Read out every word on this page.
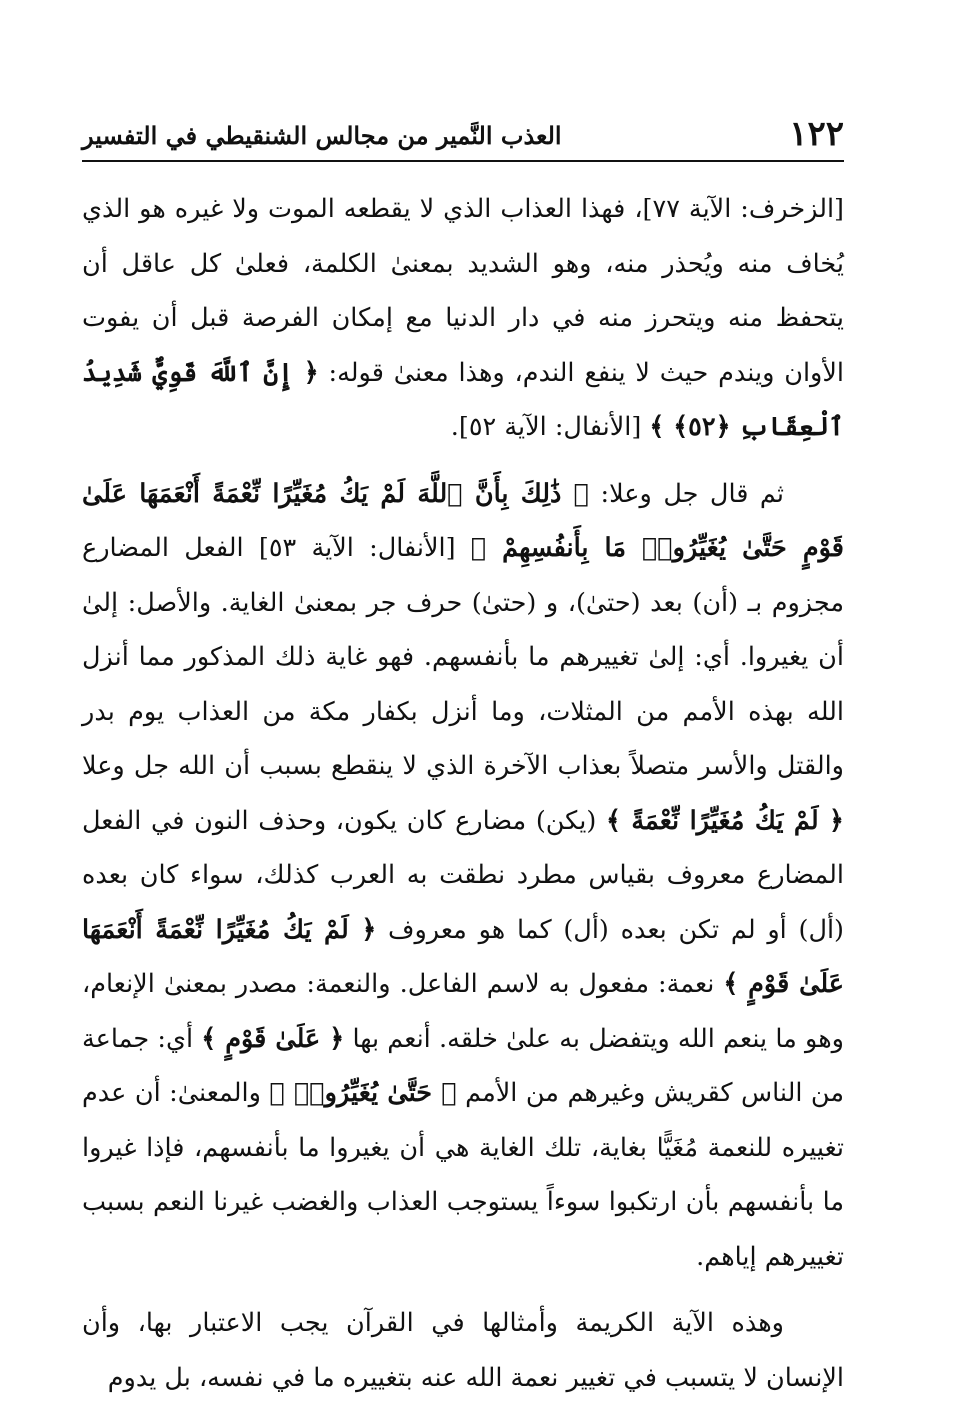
١٢٢
العذب النَّمير من مجالس الشنقيطي في التفسير

[الزخرف: الآية ٧٧]، فهذا العذاب الذي لا يقطعه الموت ولا غيره هو الذي يُخاف منه ويُحذر منه، وهو الشديد بمعنىٰ الكلمة، فعلىٰ كل عاقل أن يتحفظ منه ويتحرز منه في دار الدنيا مع إمكان الفرصة قبل أن يفوت الأوان ويندم حيث لا ينفع الندم، وهذا معنىٰ قوله: ﴿ إِنَّ ٱللَّهَ قَوِيٌّ شَدِيدُ ٱلْعِقَابِ ﴿٥٢﴾ ﴾ [الأنفال: الآية ٥٢].

ثم قال جل وعلا: ﴿ ذَٰلِكَ بِأَنَّ ٱللَّهَ لَمْ يَكُ مُغَيِّرًا نِّعْمَةً أَنْعَمَهَا عَلَىٰ قَوْمٍ حَتَّىٰ يُغَيِّرُوا۟ مَا بِأَنفُسِهِمْ ﴾ [الأنفال: الآية ٥٣] الفعل المضارع مجزوم بـ (أن) بعد (حتىٰ)، و (حتىٰ) حرف جر بمعنىٰ الغاية. والأصل: إلىٰ أن يغيروا. أي: إلىٰ تغييرهم ما بأنفسهم. فهو غاية ذلك المذكور مما أنزل الله بهذه الأمم من المثلات، وما أنزل بكفار مكة من العذاب يوم بدر والقتل والأسر متصلاً بعذاب الآخرة الذي لا ينقطع بسبب أن الله جل وعلا ﴿ لَمْ يَكُ مُغَيِّرًا نِّعْمَةً ﴾ (يكن) مضارع كان يكون، وحذف النون في الفعل المضارع معروف بقياس مطرد نطقت به العرب كذلك، سواء كان بعده (أل) أو لم تكن بعده (أل) كما هو معروف ﴿ لَمْ يَكُ مُغَيِّرًا نِّعْمَةً أَنْعَمَهَا عَلَىٰ قَوْمٍ ﴾ نعمة: مفعول به لاسم الفاعل. والنعمة: مصدر بمعنىٰ الإنعام، وهو ما ينعم الله ويتفضل به علىٰ خلقه. أنعم بها ﴿ عَلَىٰ قَوْمٍ ﴾ أي: جماعة من الناس كقريش وغيرهم من الأمم ﴿ حَتَّىٰ يُغَيِّرُوا۟ ﴾ والمعنىٰ: أن عدم تغييره للنعمة مُغَيًّا بغاية، تلك الغاية هي أن يغيروا ما بأنفسهم، فإذا غيروا ما بأنفسهم بأن ارتكبوا سوءاً يستوجب العذاب والغضب غيرنا النعم بسبب تغييرهم إياهم.

وهذه الآية الكريمة وأمثالها في القرآن يجب الاعتبار بها، وأن الإنسان لا يتسبب في تغيير نعمة الله عنه بتغييره ما في نفسه، بل يدوم
